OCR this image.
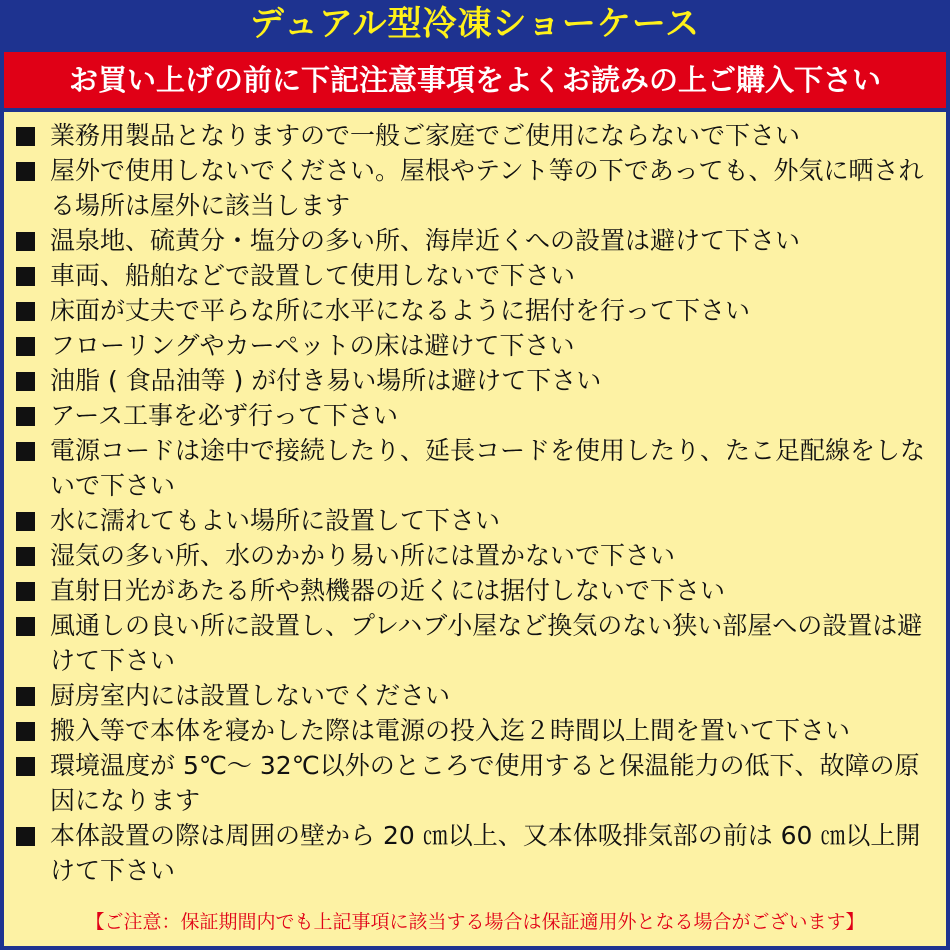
デュアル型冷凍ショーケース
お買い上げの前に下記注意事項をよくお読みの上ご購入下さい
業務用製品となりますので一般ご家庭でご使用にならないで下さい
屋外で使用しないでください。屋根やテント等の下であっても、外気に晒される場所は屋外に該当します
温泉地、硫黄分・塩分の多い所、海岸近くへの設置は避けて下さい
車両、船舶などで設置して使用しないで下さい
床面が丈夫で平らな所に水平になるように据付を行って下さい
フローリングやカーペットの床は避けて下さい
油脂 ( 食品油等 ) が付き易い場所は避けて下さい
アース工事を必ず行って下さい
電源コードは途中で接続したり、延長コードを使用したり、たこ足配線をしないで下さい
水に濡れてもよい場所に設置して下さい
湿気の多い所、水のかかり易い所には置かないで下さい
直射日光があたる所や熱機器の近くには据付しないで下さい
風通しの良い所に設置し、プレハブ小屋など換気のない狭い部屋への設置は避けて下さい
厨房室内には設置しないでください
搬入等で本体を寝かした際は電源の投入迄２時間以上間を置いて下さい
環境温度が 5℃～ 32℃以外のところで使用すると保温能力の低下、故障の原因になります
本体設置の際は周囲の壁から 20 ㎝以上、又本体吸排気部の前は 60 ㎝以上開けて下さい
【ご注意：保証期間内でも上記事項に該当する場合は保証適用外となる場合がございます】
